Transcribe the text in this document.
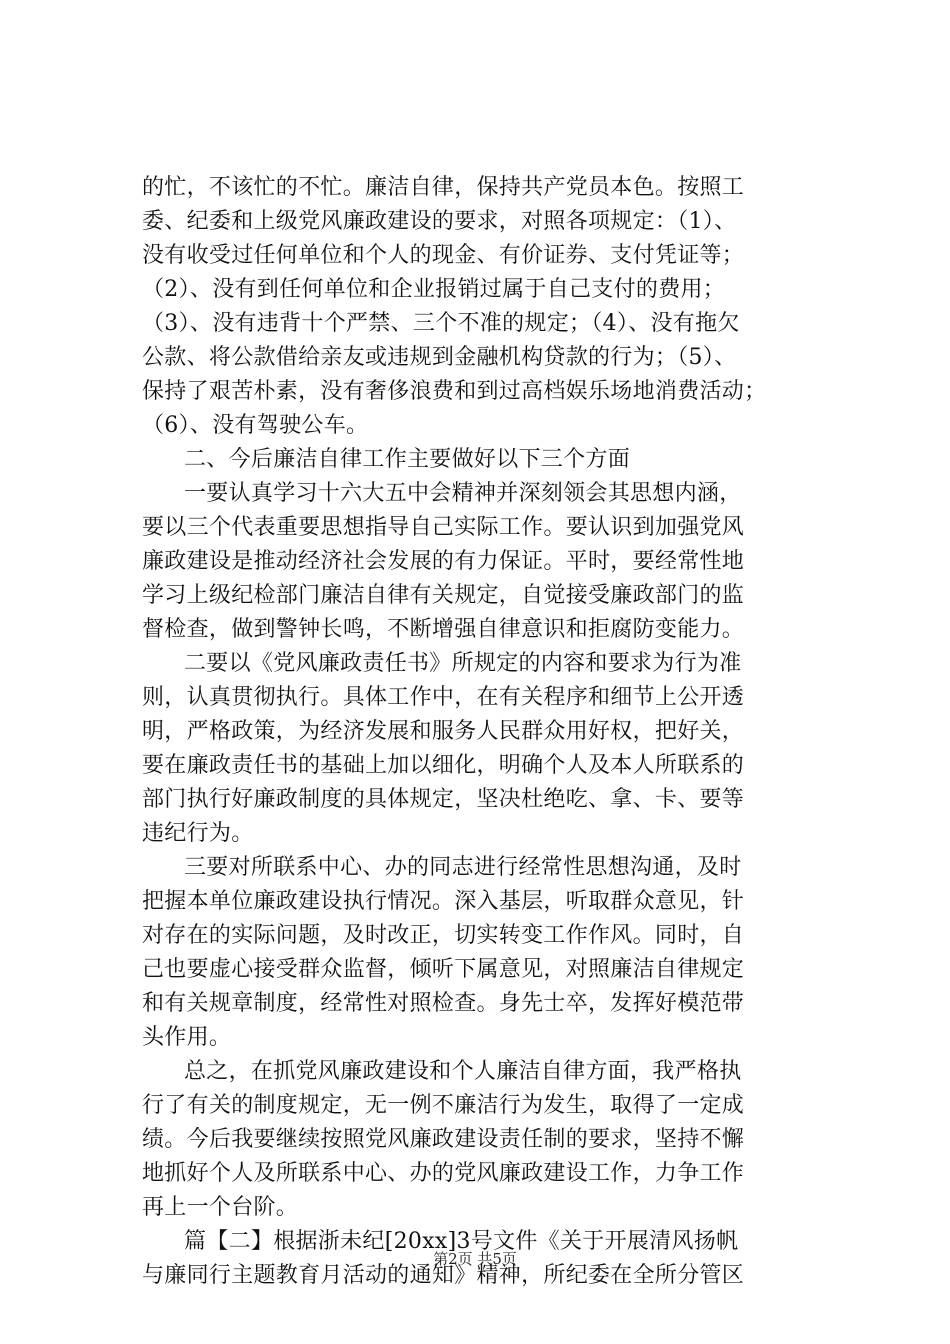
的忙，不该忙的不忙。廉洁自律，保持共产党员本色。按照工
委、纪委和上级党风廉政建设的要求，对照各项规定：（1）、
没有收受过任何单位和个人的现金、有价证券、支付凭证等；
（2）、没有到任何单位和企业报销过属于自己支付的费用；
（3）、没有违背十个严禁、三个不准的规定；（4）、没有拖欠
公款、将公款借给亲友或违规到金融机构贷款的行为；（5）、
保持了艰苦朴素，没有奢侈浪费和到过高档娱乐场地消费活动；
（6）、没有驾驶公车。
二、今后廉洁自律工作主要做好以下三个方面
一要认真学习十六大五中会精神并深刻领会其思想内涵，
要以三个代表重要思想指导自己实际工作。要认识到加强党风
廉政建设是推动经济社会发展的有力保证。平时，要经常性地
学习上级纪检部门廉洁自律有关规定，自觉接受廉政部门的监
督检查，做到警钟长鸣，不断增强自律意识和拒腐防变能力。
二要以《党风廉政责任书》所规定的内容和要求为行为准
则，认真贯彻执行。具体工作中，在有关程序和细节上公开透
明，严格政策，为经济发展和服务人民群众用好权，把好关，
要在廉政责任书的基础上加以细化，明确个人及本人所联系的
部门执行好廉政制度的具体规定，坚决杜绝吃、拿、卡、要等
违纪行为。
三要对所联系中心、办的同志进行经常性思想沟通，及时
把握本单位廉政建设执行情况。深入基层，听取群众意见，针
对存在的实际问题，及时改正，切实转变工作作风。同时，自
己也要虚心接受群众监督，倾听下属意见，对照廉洁自律规定
和有关规章制度，经常性对照检查。身先士卒，发挥好模范带
头作用。
总之，在抓党风廉政建设和个人廉洁自律方面，我严格执
行了有关的制度规定，无一例不廉洁行为发生，取得了一定成
绩。今后我要继续按照党风廉政建设责任制的要求，坚持不懈
地抓好个人及所联系中心、办的党风廉政建设工作，力争工作
再上一个台阶。
篇【二】根据浙未纪[20xx]3号文件《关于开展清风扬帆
与廉同行主题教育月活动的通知》精神，所纪委在全所分管区
第2页 共5页
